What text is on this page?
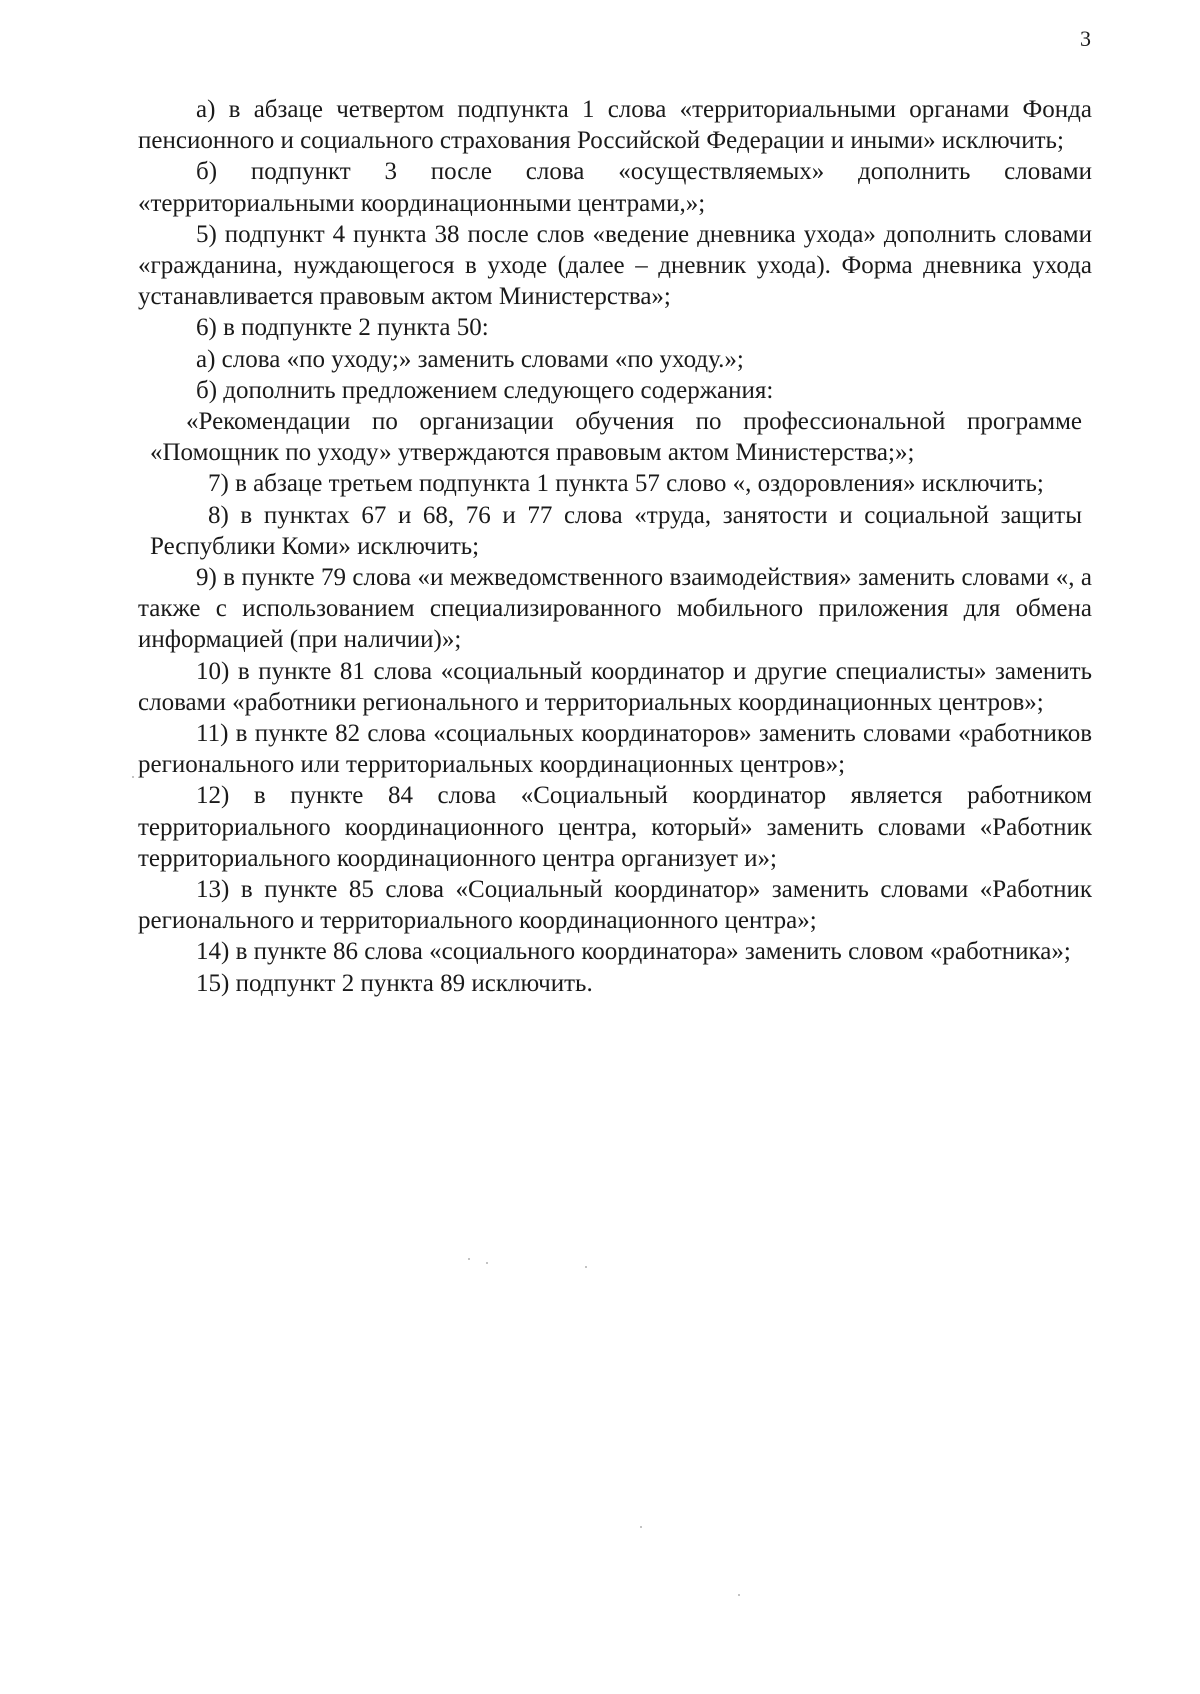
3
а) в абзаце четвертом подпункта 1 слова «территориальными органами Фонда пенсионного и социального страхования Российской Федерации и иными» исключить;
б) подпункт 3 после слова «осуществляемых» дополнить словами «территориальными координационными центрами,»;
5) подпункт 4 пункта 38 после слов «ведение дневника ухода» дополнить словами «гражданина, нуждающегося в уходе (далее – дневник ухода). Форма дневника ухода устанавливается правовым актом Министерства»;
6) в подпункте 2 пункта 50:
а) слова «по уходу;» заменить словами «по уходу.»;
б) дополнить предложением следующего содержания:
«Рекомендации по организации обучения по профессиональной программе «Помощник по уходу» утверждаются правовым актом Министерства;»;
7) в абзаце третьем подпункта 1 пункта 57 слово «, оздоровления» исключить;
8) в пунктах 67 и 68, 76 и 77 слова «труда, занятости и социальной защиты Республики Коми» исключить;
9) в пункте 79 слова «и межведомственного взаимодействия» заменить словами «, а также с использованием специализированного мобильного приложения для обмена информацией (при наличии)»;
10) в пункте 81 слова «социальный координатор и другие специалисты» заменить словами «работники регионального и территориальных координационных центров»;
11) в пункте 82 слова «социальных координаторов» заменить словами «работников регионального или территориальных координационных центров»;
12) в пункте 84 слова «Социальный координатор является работником территориального координационного центра, который» заменить словами «Работник территориального координационного центра организует и»;
13) в пункте 85 слова «Социальный координатор» заменить словами «Работник регионального и территориального координационного центра»;
14) в пункте 86 слова «социального координатора» заменить словом «работника»;
15) подпункт 2 пункта 89 исключить.
